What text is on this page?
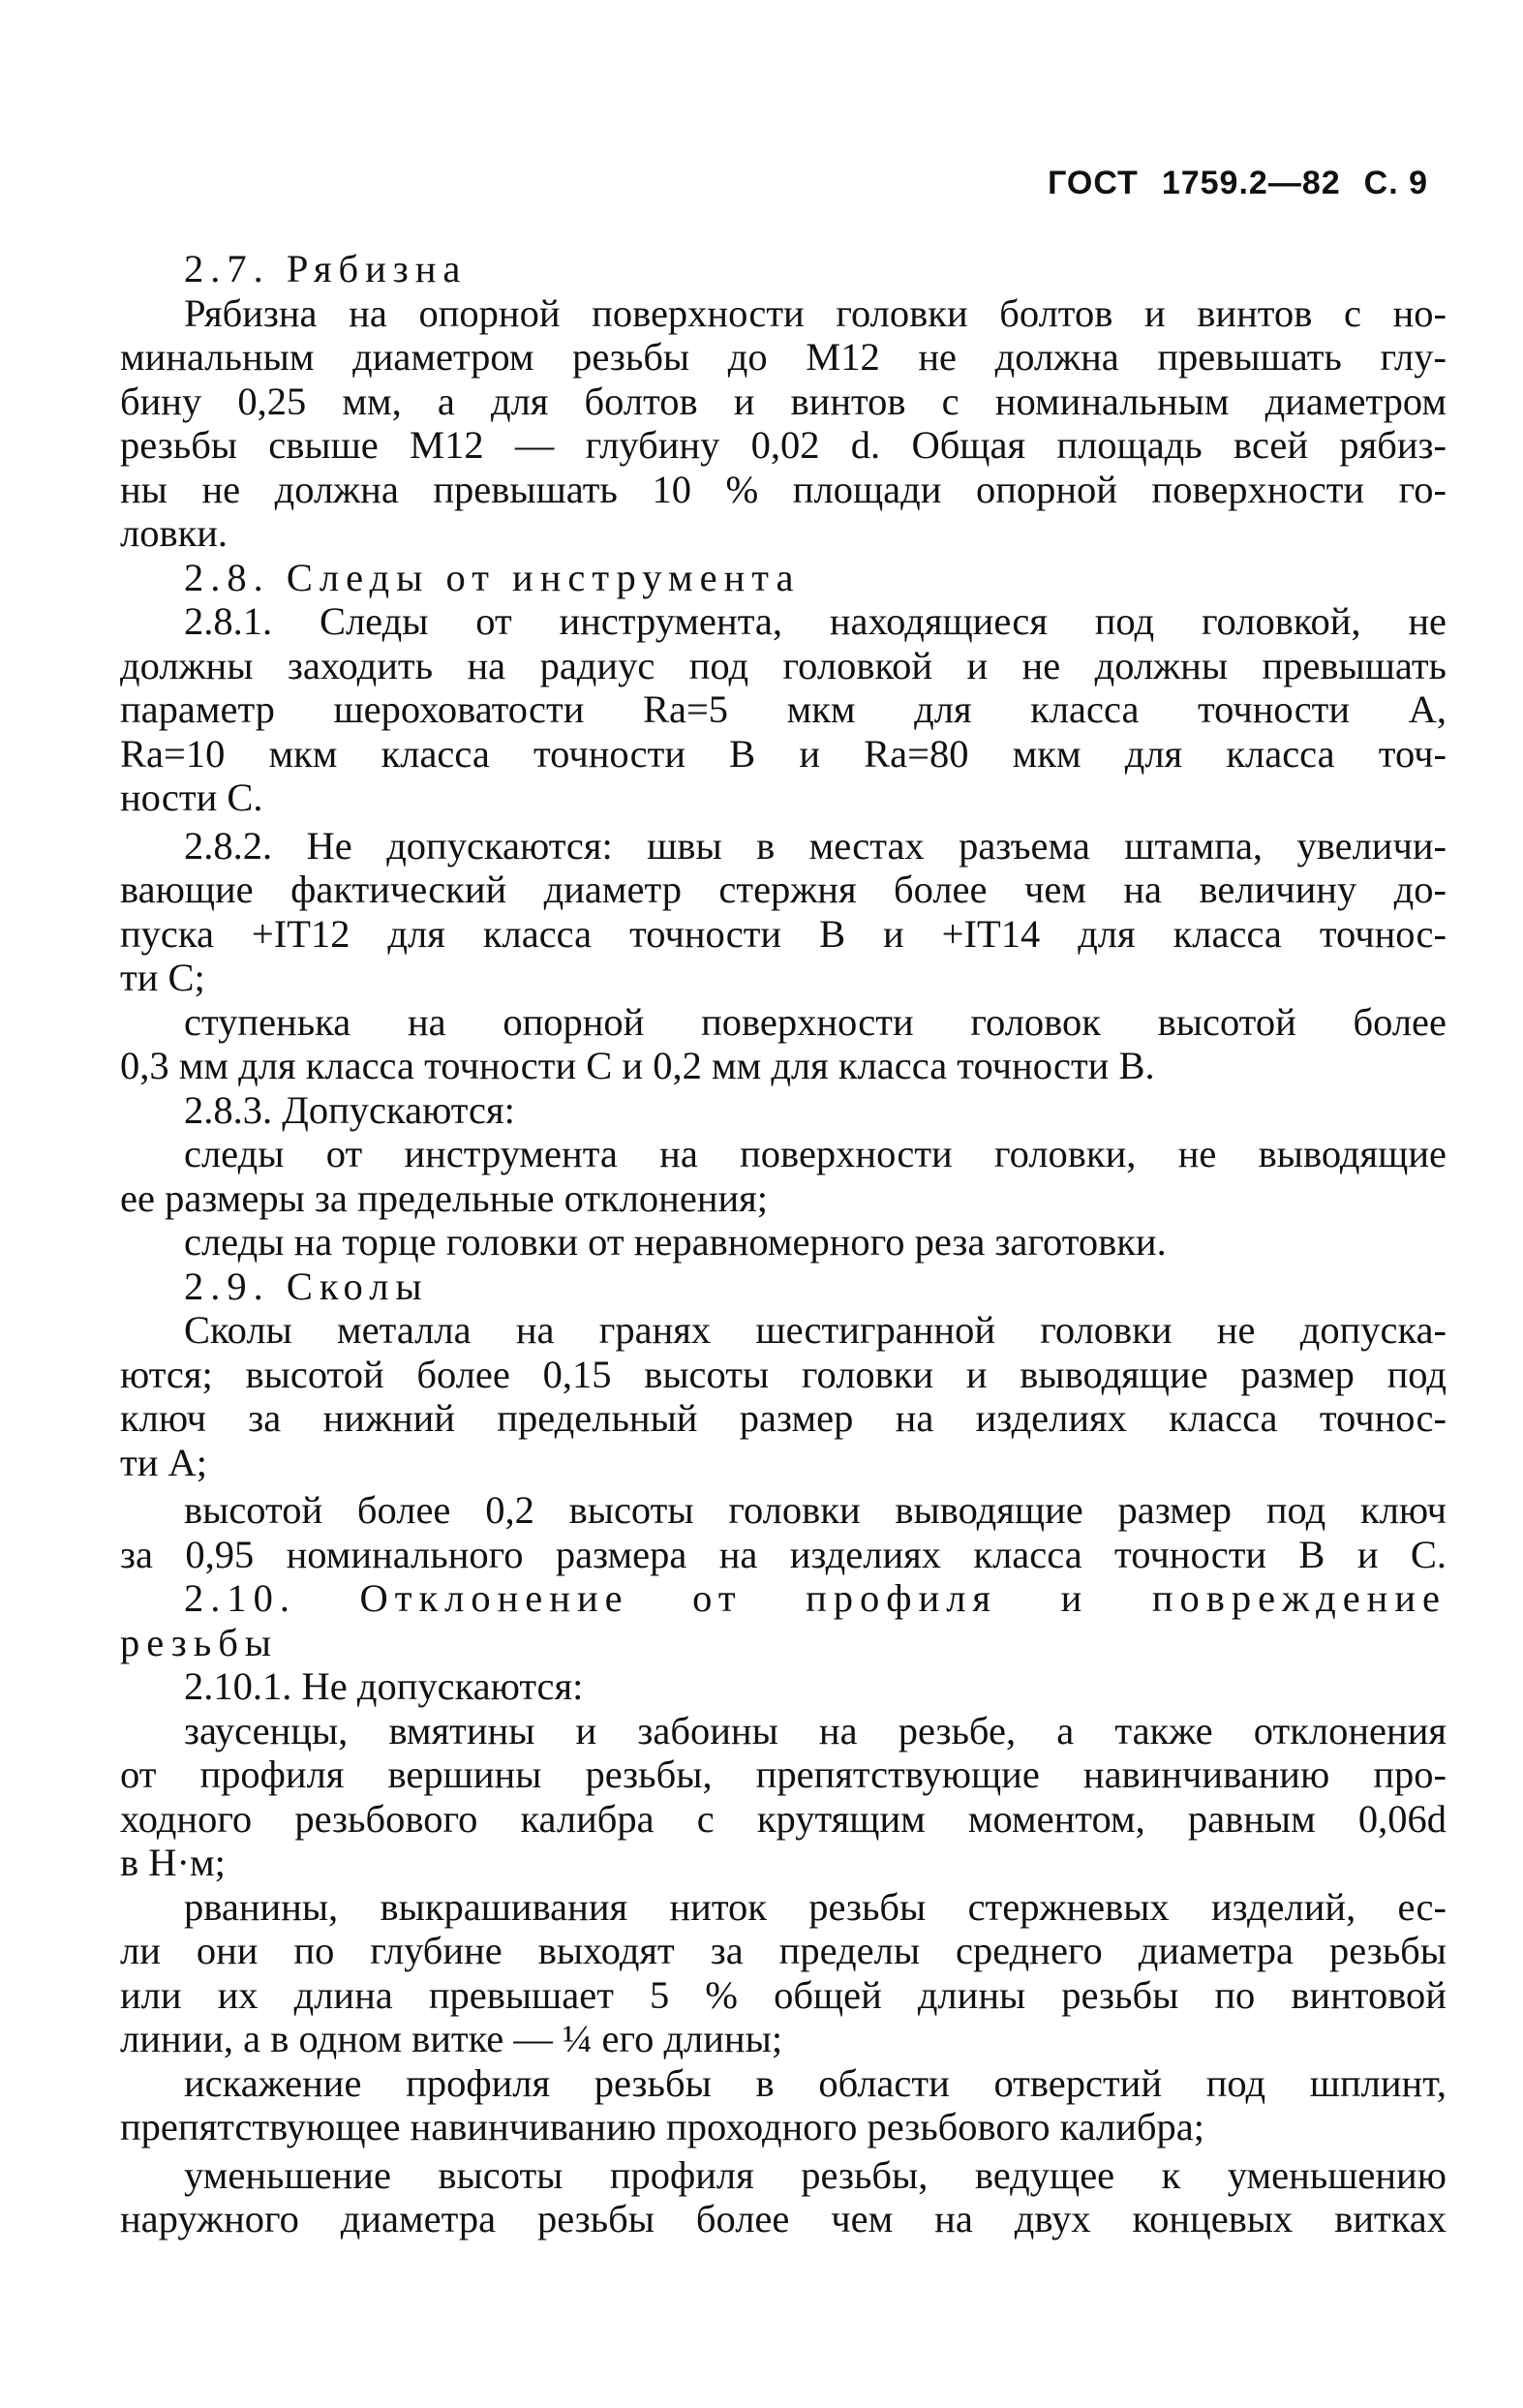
ГОСТ 1759.2—82 С. 9
2.7. Рябизна
Рябизна на опорной поверхности головки болтов и винтов с но-
минальным диаметром резьбы до М12 не должна превышать глу-
бину 0,25 мм, а для болтов и винтов с номинальным диаметром
резьбы свыше М12 — глубину 0,02 d. Общая площадь всей рябиз-
ны не должна превышать 10 % площади опорной поверхности го-
ловки.
2.8. Следы от инструмента
2.8.1. Следы от инструмента, находящиеся под головкой, не
должны заходить на радиус под головкой и не должны превышать
параметр шероховатости Ra=5 мкм для класса точности А,
Ra=10 мкм класса точности В и Ra=80 мкм для класса точ-
ности С.
2.8.2. Не допускаются: швы в местах разъема штампа, увеличи-
вающие фактический диаметр стержня более чем на величину до-
пуска +IT12 для класса точности В и +IT14 для класса точнос-
ти С;
ступенька на опорной поверхности головок высотой более
0,3 мм для класса точности С и 0,2 мм для класса точности В.
2.8.3. Допускаются:
следы от инструмента на поверхности головки, не выводящие
ее размеры за предельные отклонения;
следы на торце головки от неравномерного реза заготовки.
2.9. Сколы
Сколы металла на гранях шестигранной головки не допуска-
ются; высотой более 0,15 высоты головки и выводящие размер под
ключ за нижний предельный размер на изделиях класса точнос-
ти А;
высотой более 0,2 высоты головки выводящие размер под ключ
за 0,95 номинального размера на изделиях класса точности В и С.
2.10. Отклонение от профиля и повреждение
резьбы
2.10.1. Не допускаются:
заусенцы, вмятины и забоины на резьбе, а также отклонения
от профиля вершины резьбы, препятствующие навинчиванию про-
ходного резьбового калибра с крутящим моментом, равным 0,06d
в Н·м;
рванины, выкрашивания ниток резьбы стержневых изделий, ес-
ли они по глубине выходят за пределы среднего диаметра резьбы
или их длина превышает 5 % общей длины резьбы по винтовой
линии, а в одном витке — ¼ его длины;
искажение профиля резьбы в области отверстий под шплинт,
препятствующее навинчиванию проходного резьбового калибра;
уменьшение высоты профиля резьбы, ведущее к уменьшению
наружного диаметра резьбы более чем на двух концевых витках
